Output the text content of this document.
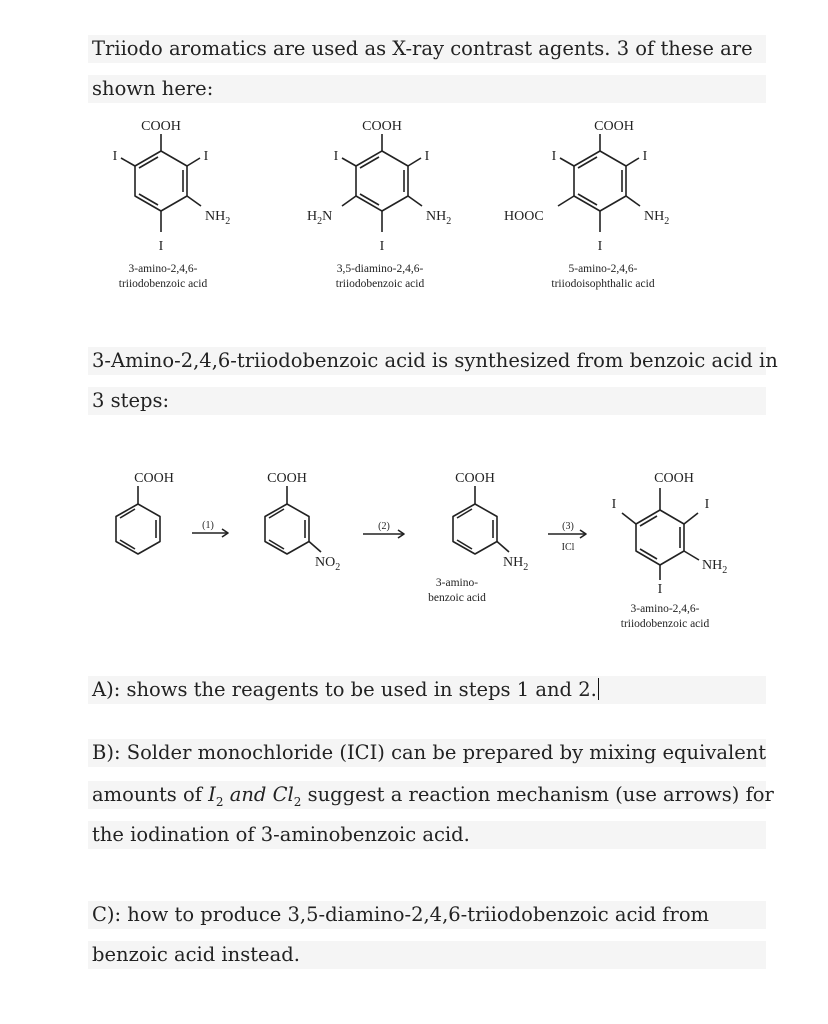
Triiodo aromatics are used as X-ray contrast agents. 3 of these are
shown here:
COOH
I	I
$NH_2$
I
3-amino-2,4,6-
triiodobenzoic acid
COOH
I	I
$H_2N$	$NH_2$
I
3,5-diamino-2,4,6-
triiodobenzoic acid
COOH
I	I
HOOC	$NH_2$
I
5-amino-2,4,6-
triiodoisophthalic acid
3-Amino-2,4,6-triiodobenzoic acid is synthesized from benzoic acid in
3 steps:
COOH
(1)
COOH
$NO_2$
(2)
COOH
$NH_2$
3-amino-
benzoic acid
(3)
ICl
COOH
I	I
$NH_2$
I
3-amino-2,4,6-
triiodobenzoic acid
A): shows the reagents to be used in steps 1 and 2.
B): Solder monochloride (ICI) can be prepared by mixing equivalent
amounts of $I_2$ and $Cl_2$ suggest a reaction mechanism (use arrows) for
the iodination of 3-aminobenzoic acid.
C): how to produce 3,5-diamino-2,4,6-triiodobenzoic acid from
benzoic acid instead.
